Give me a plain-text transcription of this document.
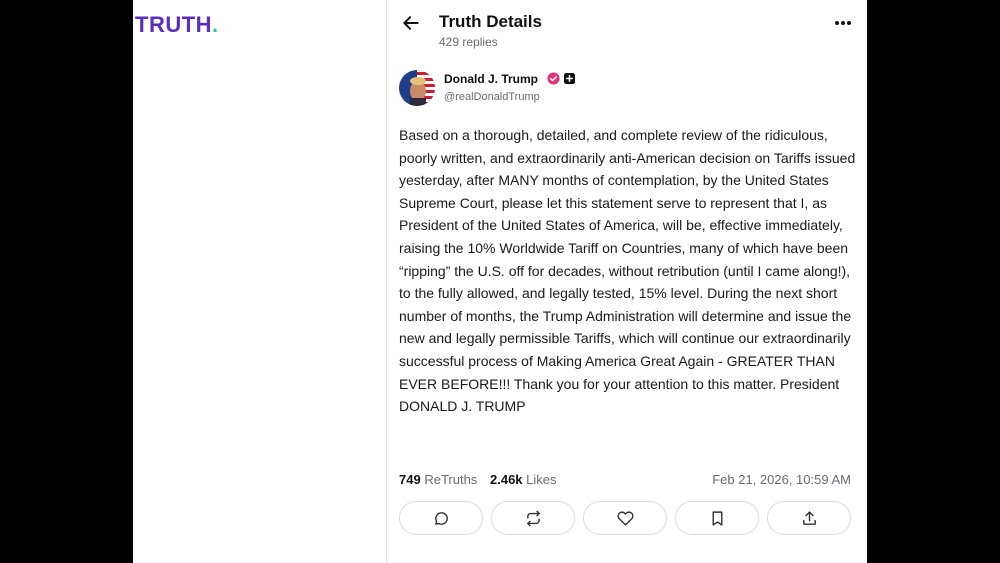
TRUTH.	Truth Details
429 replies
Donald J. Trump
@realDonaldTrump
Based on a thorough, detailed, and complete review of the ridiculous, poorly written, and extraordinarily anti-American decision on Tariffs issued yesterday, after MANY months of contemplation, by the United States Supreme Court, please let this statement serve to represent that I, as President of the United States of America, will be, effective immediately, raising the 10% Worldwide Tariff on Countries, many of which have been “ripping” the U.S. off for decades, without retribution (until I came along!), to the fully allowed, and legally tested, 15% level. During the next short number of months, the Trump Administration will determine and issue the new and legally permissible Tariffs, which will continue our extraordinarily successful process of Making America Great Again - GREATER THAN EVER BEFORE!!! Thank you for your attention to this matter. President DONALD J. TRUMP
749 ReTruths 2.46k Likes	Feb 21, 2026, 10:59 AM
